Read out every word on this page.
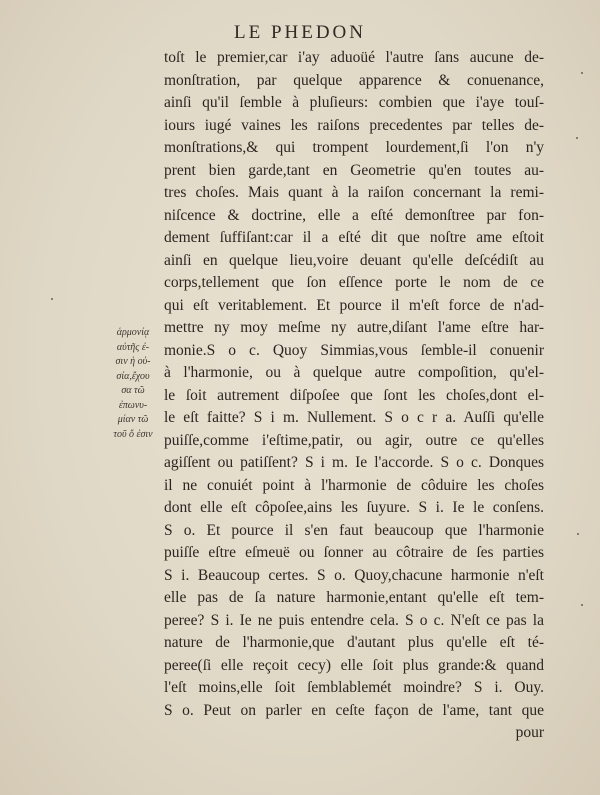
LE PHEDON
ἁρμονίᾳ
αὐτῆς ἐ-
σιν ἡ οὐ-
σία,ἔχου
σα τῶ
ἐπωνυ-
μίαν τῶ
τοῦ ὅ ἐσιν
toſt le premier,car i'ay aduoüé l'autre ſans aucune de-
monſtration, par quelque apparence & conuenance,
ainſi qu'il ſemble à pluſieurs: combien que i'aye touſ-
iours iugé vaines les raiſons precedentes par telles de-
monſtrations,& qui trompent lourdement,ſi l'on n'y
prent bien garde,tant en Geometrie qu'en toutes au-
tres choſes. Mais quant à la raiſon concernant la remi-
niſcence & doctrine, elle a eſté demonſtree par fon-
dement ſuffiſant:car il a eſté dit que noſtre ame eſtoit
ainſi en quelque lieu,voire deuant qu'elle deſcédiſt au
corps,tellement que ſon eſſence porte le nom de ce
qui eſt veritablement. Et pource il m'eſt force de n'ad-
mettre ny moy meſme ny autre,diſant l'ame eſtre har-
monie.S o c. Quoy Simmias,vous ſemble-il conuenir
à l'harmonie, ou à quelque autre compoſition, qu'el-
le ſoit autrement diſpoſee que ſont les choſes,dont el-
le eſt faitte? S i m. Nullement. S o c r a. Auſſi qu'elle
puiſſe,comme i'eſtime,patir, ou agir, outre ce qu'elles
agiſſent ou patiſſent? S i m. Ie l'accorde. S o c. Donques
il ne conuiét point à l'harmonie de côduire les choſes
dont elle eſt côpoſee,ains les ſuyure. S i. Ie le conſens.
S o. Et pource il s'en faut beaucoup que l'harmonie
puiſſe eſtre eſmeuë ou ſonner au côtraire de ſes parties
S i. Beaucoup certes. S o. Quoy,chacune harmonie n'eſt
elle pas de ſa nature harmonie,entant qu'elle eſt tem-
peree? S i. Ie ne puis entendre cela. S o c. N'eſt ce pas la
nature de l'harmonie,que d'autant plus qu'elle eſt té-
peree(ſi elle reçoit cecy) elle ſoit plus grande:& quand
l'eſt moins,elle ſoit ſemblablemét moindre? S i. Ouy.
S o. Peut on parler en ceſte façon de l'ame, tant que
pour
